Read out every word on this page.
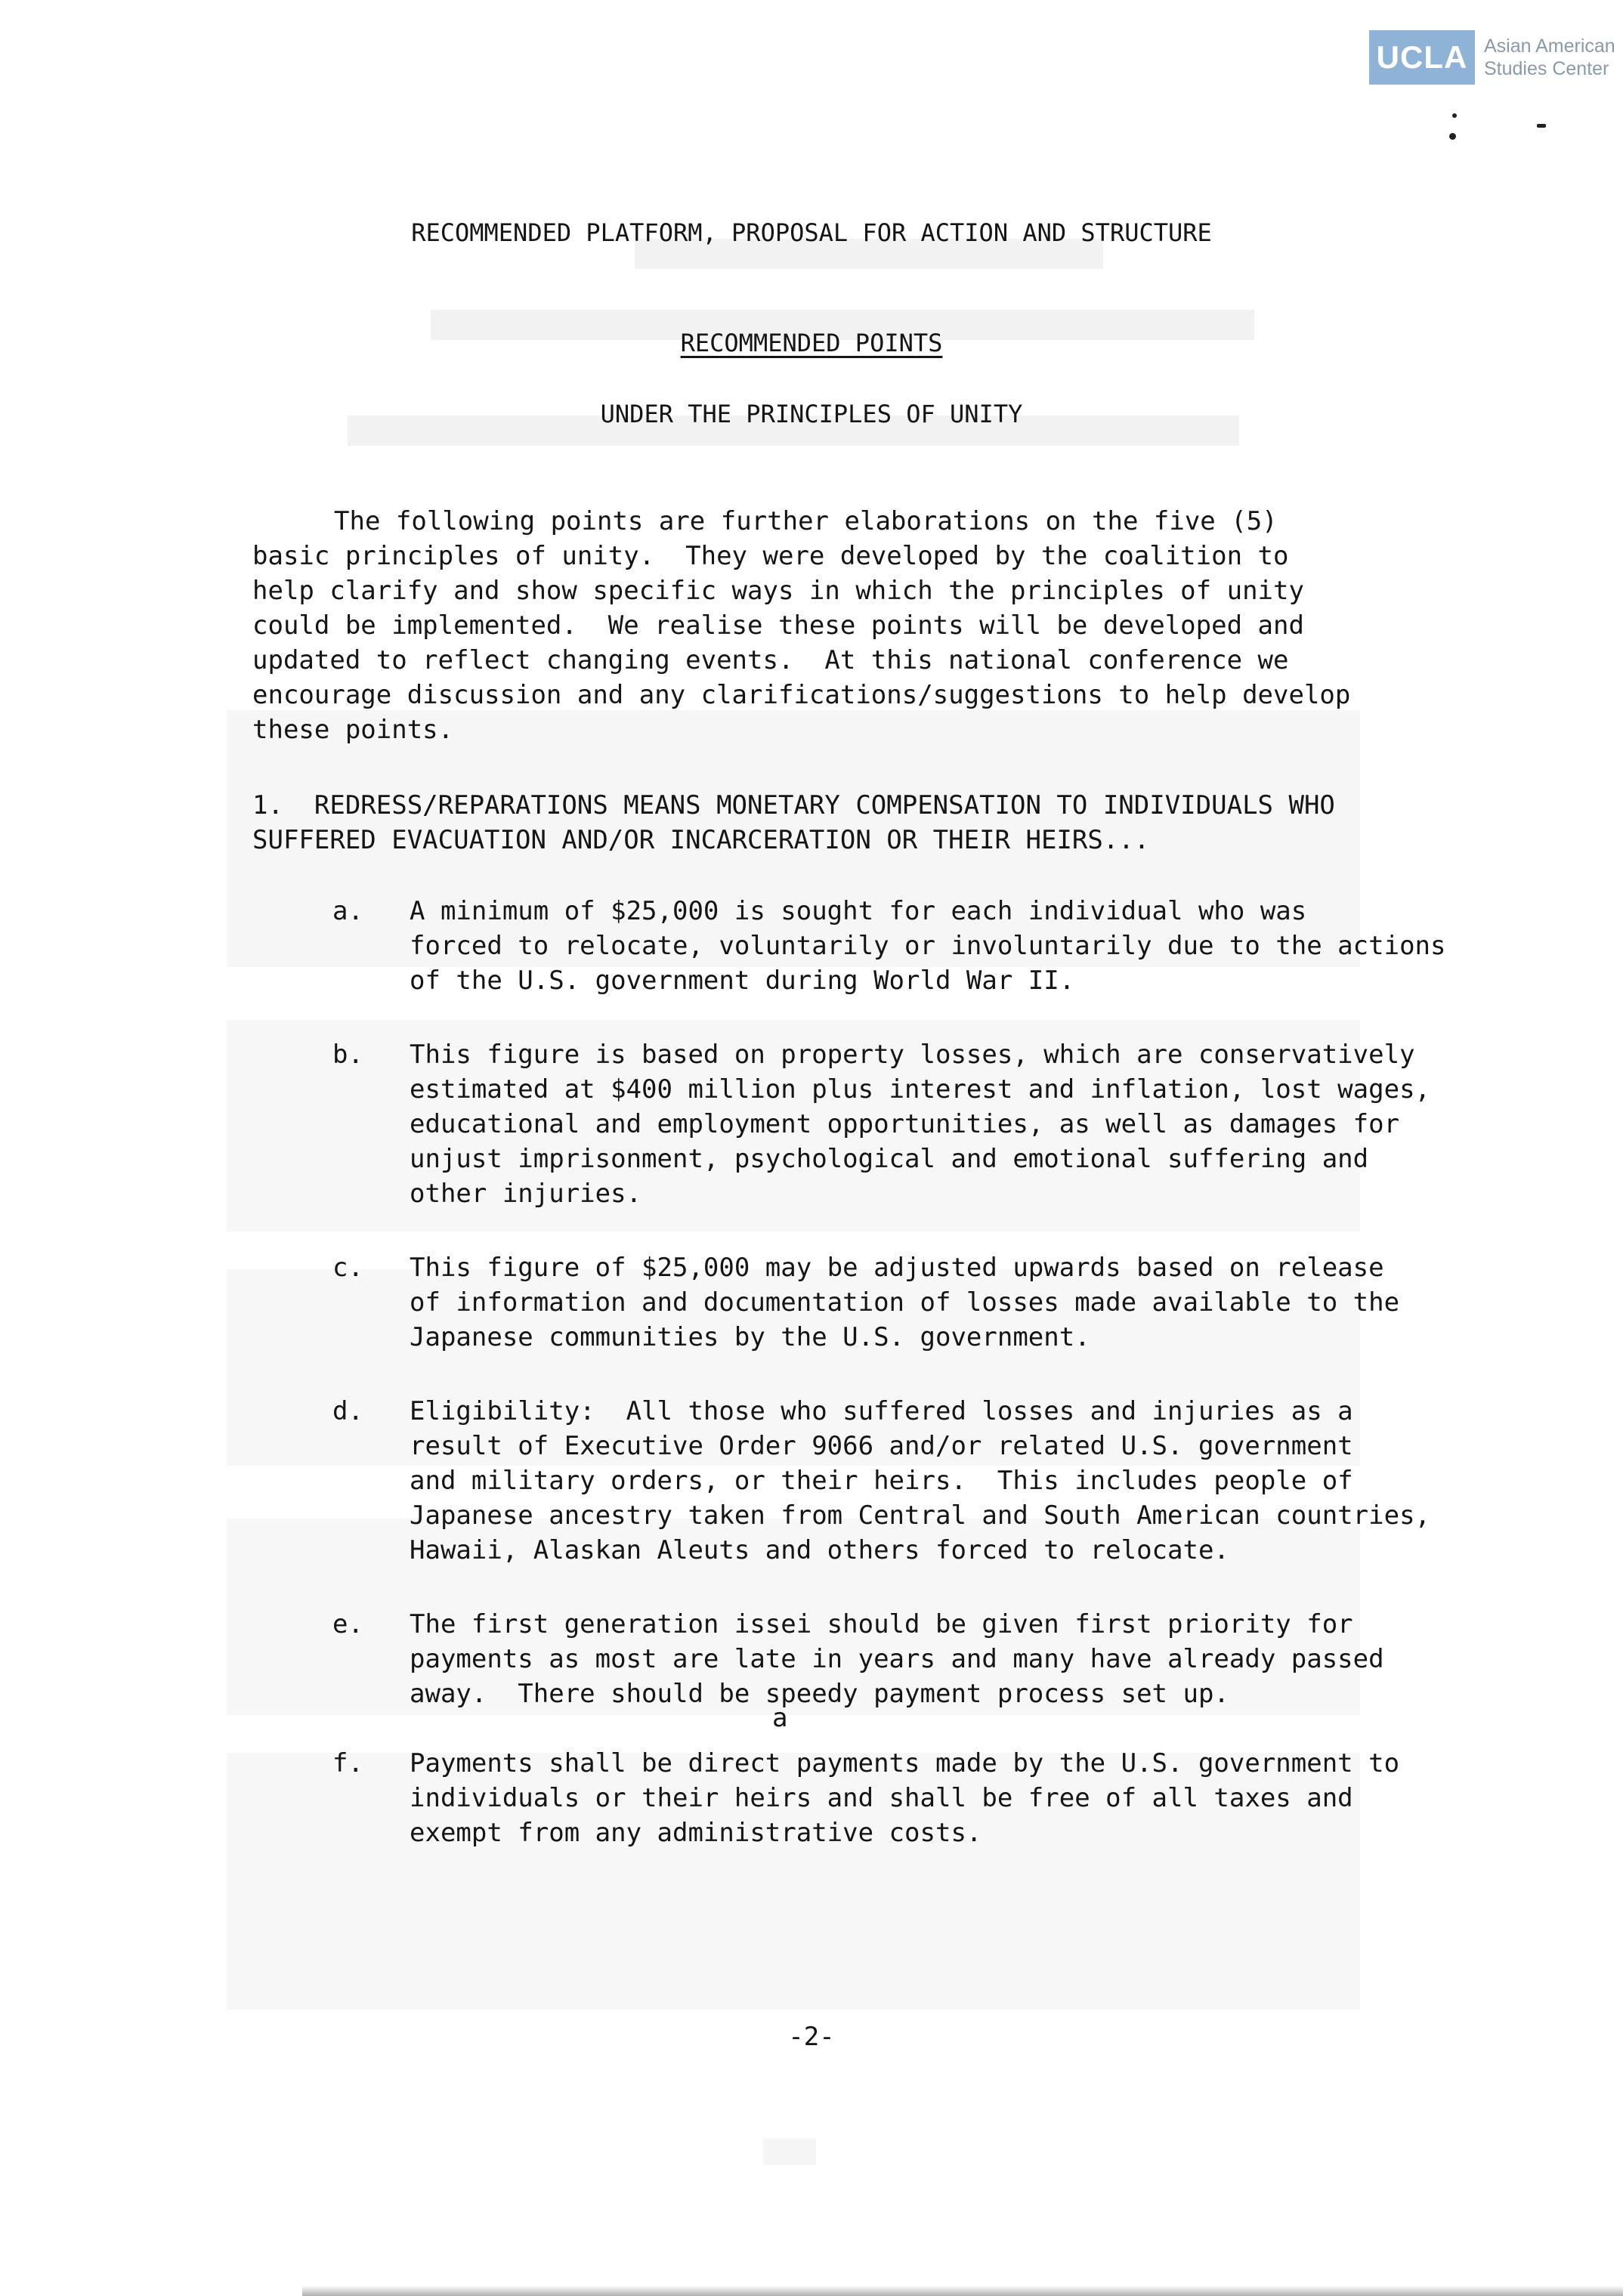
UCLA Asian American
Studies Center
RECOMMENDED PLATFORM, PROPOSAL FOR ACTION AND STRUCTURE
RECOMMENDED POINTS
UNDER THE PRINCIPLES OF UNITY
The following points are further elaborations on the five (5)
basic principles of unity.  They were developed by the coalition to
help clarify and show specific ways in which the principles of unity
could be implemented.  We realise these points will be developed and
updated to reflect changing events.  At this national conference we
encourage discussion and any clarifications/suggestions to help develop
these points.
1.  REDRESS/REPARATIONS MEANS MONETARY COMPENSATION TO INDIVIDUALS WHO
SUFFERED EVACUATION AND/OR INCARCERATION OR THEIR HEIRS...
a. A minimum of $25,000 is sought for each individual who was
forced to relocate, voluntarily or involuntarily due to the actions
of the U.S. government during World War II.
b. This figure is based on property losses, which are conservatively
estimated at $400 million plus interest and inflation, lost wages,
educational and employment opportunities, as well as damages for
unjust imprisonment, psychological and emotional suffering and
other injuries.
c. This figure of $25,000 may be adjusted upwards based on release
of information and documentation of losses made available to the
Japanese communities by the U.S. government.
d. Eligibility:  All those who suffered losses and injuries as a
result of Executive Order 9066 and/or related U.S. government
and military orders, or their heirs.  This includes people of
Japanese ancestry taken from Central and South American countries,
Hawaii, Alaskan Aleuts and others forced to relocate.
e. The first generation issei should be given first priority for
payments as most are late in years and many have already passed
away.  There should be speedy payment process set up.
a
f. Payments shall be direct payments made by the U.S. government to
individuals or their heirs and shall be free of all taxes and
exempt from any administrative costs.
-2-
